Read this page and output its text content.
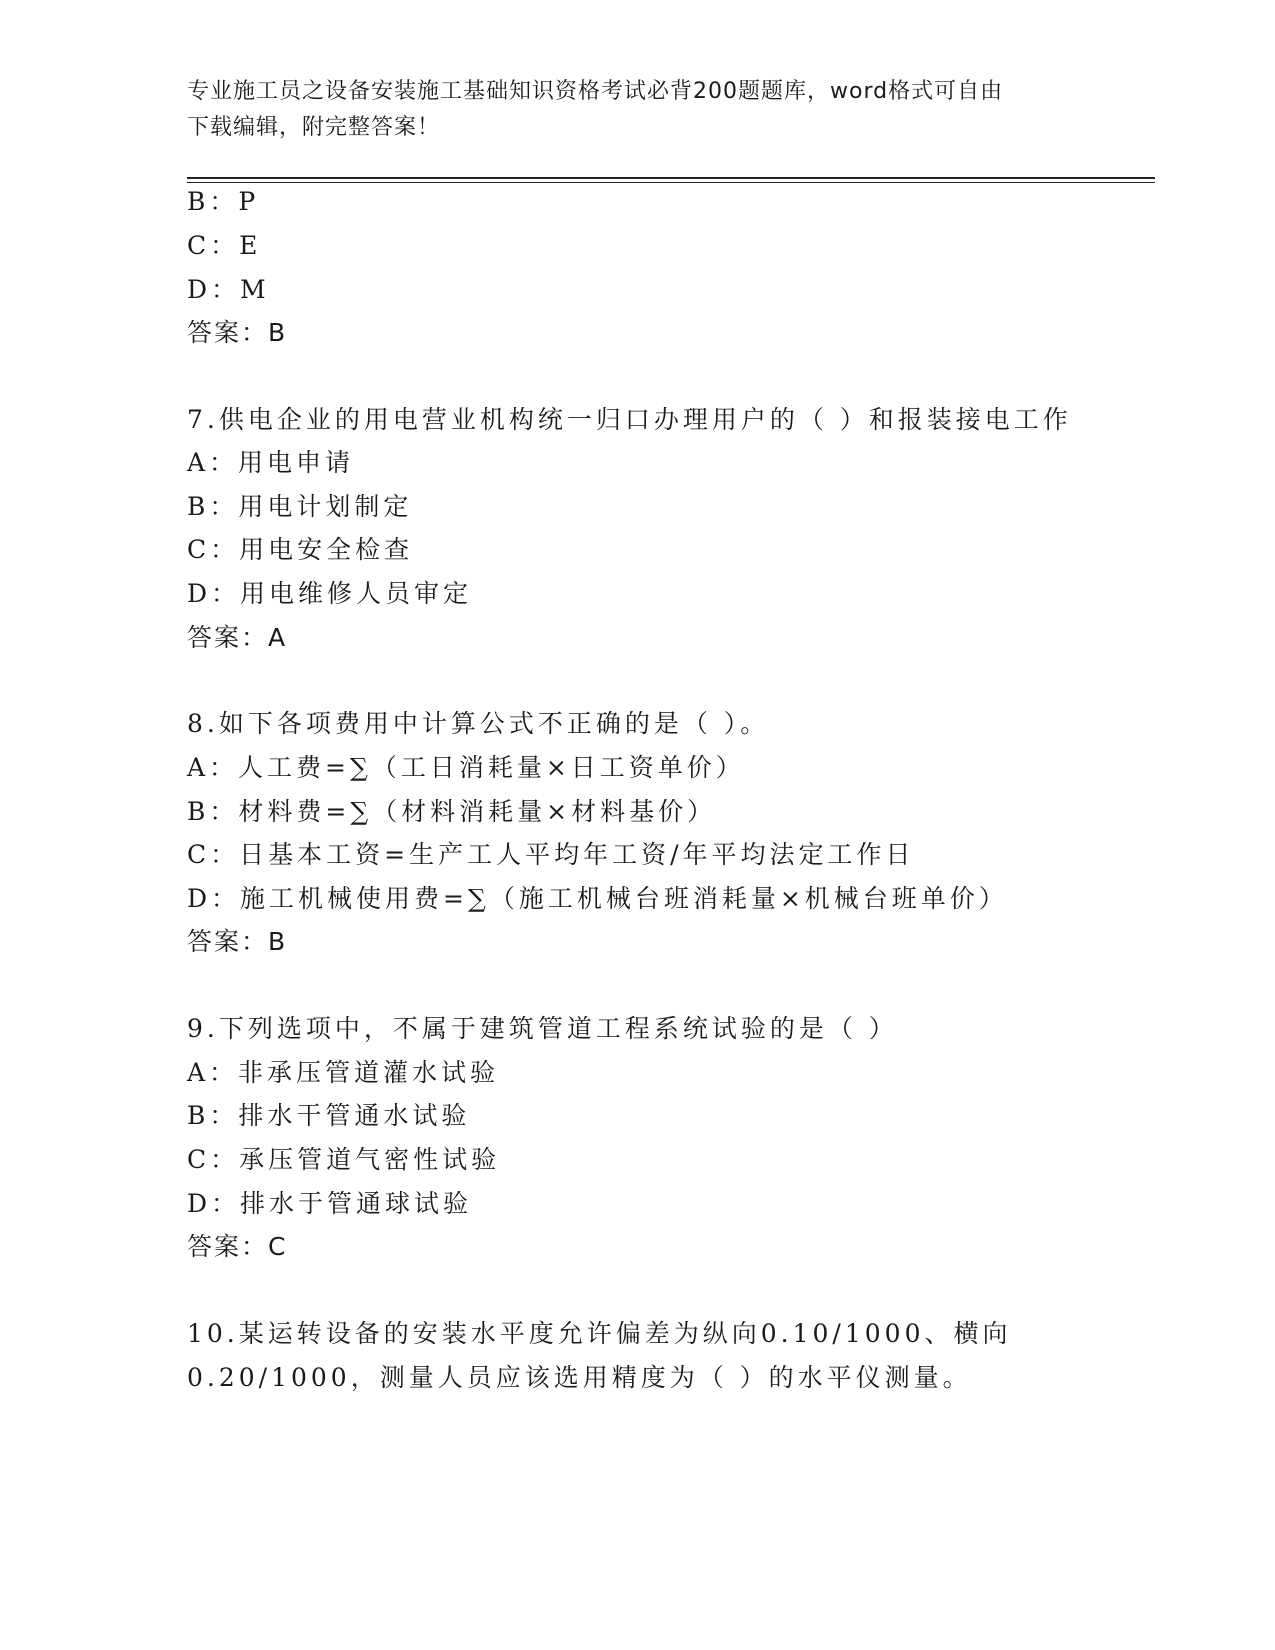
专业施工员之设备安装施工基础知识资格考试必背200题题库，word格式可自由
下载编辑，附完整答案！
B：P
C：E
D：M
答案：B
7.供电企业的用电营业机构统一归口办理用户的（ ）和报装接电工作
A：用电申请
B：用电计划制定
C：用电安全检查
D：用电维修人员审定
答案：A
8.如下各项费用中计算公式不正确的是（ ）。
A：人工费=∑（工日消耗量×日工资单价）
B：材料费=∑（材料消耗量×材料基价）
C：日基本工资=生产工人平均年工资/年平均法定工作日
D：施工机械使用费=∑（施工机械台班消耗量×机械台班单价）
答案：B
9.下列选项中，不属于建筑管道工程系统试验的是（ ）
A：非承压管道灌水试验
B：排水干管通水试验
C：承压管道气密性试验
D：排水于管通球试验
答案：C
10.某运转设备的安装水平度允许偏差为纵向0.10/1000、横向
0.20/1000，测量人员应该选用精度为（ ）的水平仪测量。
